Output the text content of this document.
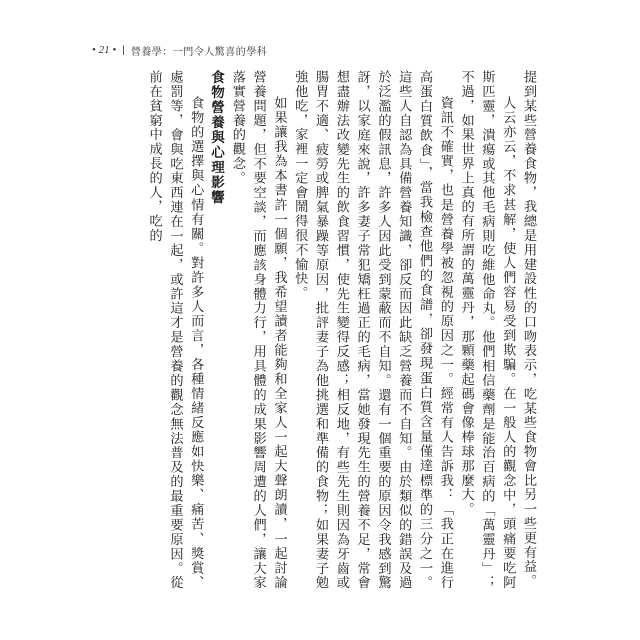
• 21 • | 營養學：一門令人驚喜的學科

提到某些營養食物，我總是用建設性的口吻表示，吃某些食物會比另一些更有益。

人云亦云，不求甚解，使人們容易受到欺騙。在一般人的觀念中，頭痛要吃阿斯匹靈，潰瘍或其他毛病則吃維他命丸。他們相信藥劑是能治百病的「萬靈丹」；不過，如果世界上真的有所謂的萬靈丹，那顆藥起碼會像棒球那麼大。

資訊不確實，也是營養學被忽視的原因之一。經常有人告訴我：「我正在進行高蛋白質飲食」，當我檢查他們的食譜，卻發現蛋白質含量僅達標準的三分之一。這些人自認為具備營養知識，卻反而因此缺乏營養而不自知。由於類似的錯誤及過於泛濫的假訊息，許多人因此受到蒙蔽而不自知。還有一個重要的原因令我感到驚訝，以家庭來說，許多妻子常犯矯枉過正的毛病，當她發現先生的營養不足，常會想盡辦法改變先生的飲食習慣，使先生變得反感；相反地，有些先生則因為牙齒或腸胃不適、疲勞或脾氣暴躁等原因，批評妻子為他挑選和準備的食物；如果妻子勉強他吃，家裡一定會鬧得很不愉快。

如果讓我為本書許一個願，我希望讀者能夠和全家人一起大聲朗讀，一起討論營養問題，但不要空談，而應該身體力行，用具體的成果影響周遭的人們，讓大家落實營養的觀念。

食物營養與心理影響

食物的選擇與心情有關。對許多人而言，各種情緒反應如快樂、痛苦、獎賞、處罰等，會與吃東西連在一起，或許這才是營養的觀念無法普及的最重要原因。從前在貧窮中成長的人，吃的
